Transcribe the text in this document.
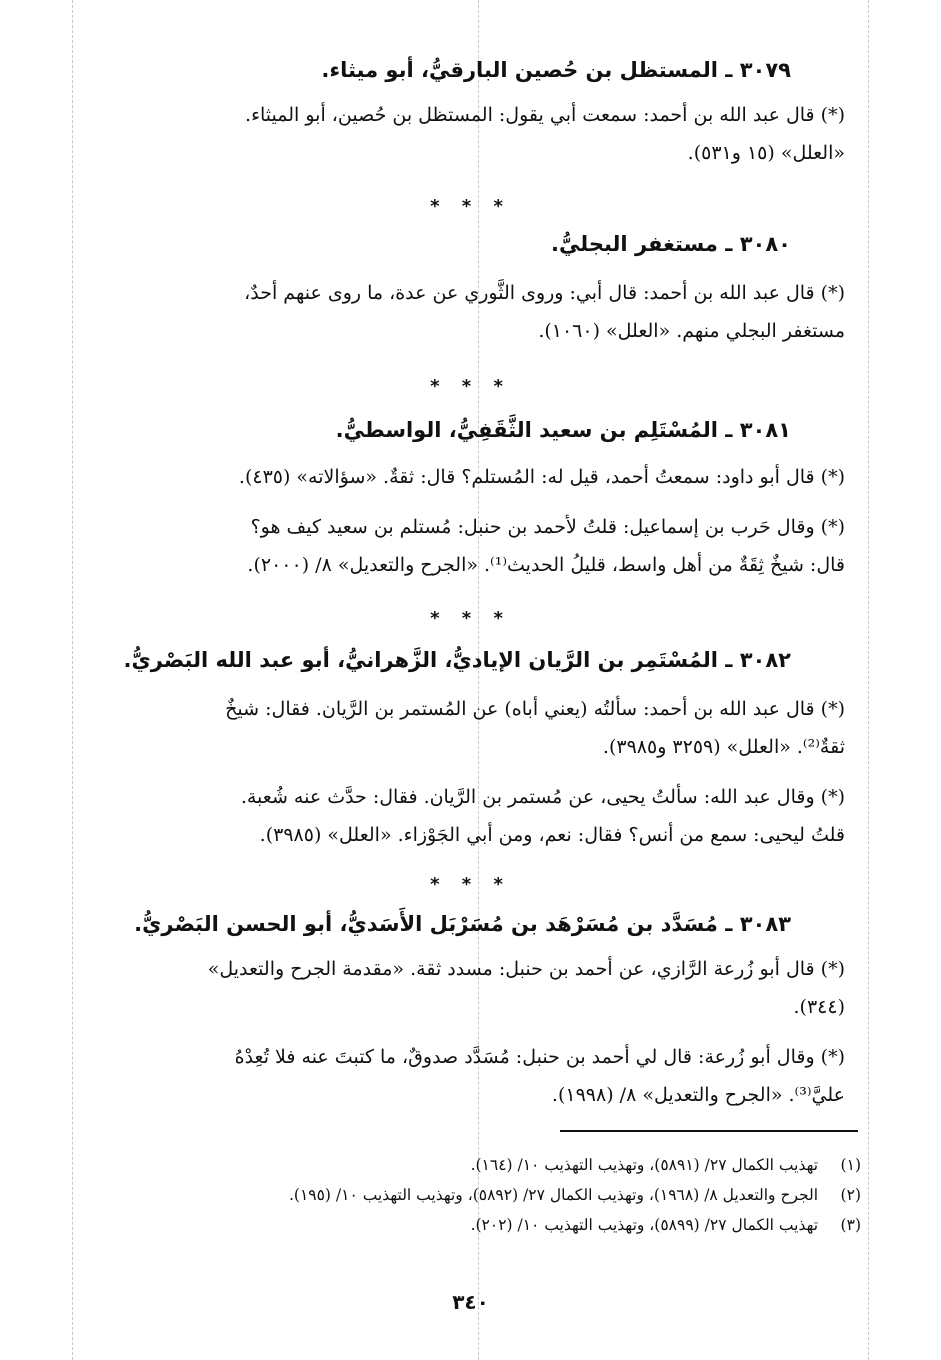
٣٠٧٩ ـ المستظل بن حُصين البارقيُّ، أبو ميثاء.
(*) قال عبد الله بن أحمد: سمعت أبي يقول: المستظل بن حُصين، أبو الميثاء.
«العلل» (١٥ و٥٣١).
* * *
٣٠٨٠ ـ مستغفر البجليُّ.
(*) قال عبد الله بن أحمد: قال أبي: وروى الثَّوري عن عدة، ما روى عنهم أحدٌ،
مستغفر البجلي منهم. «العلل» (١٠٦٠).
* * *
٣٠٨١ ـ المُسْتَلِم بن سعيد الثَّقَفِيُّ، الواسطيُّ.
(*) قال أبو داود: سمعتُ أحمد، قيل له: المُستلم؟ قال: ثقةٌ. «سؤالاته» (٤٣٥).
(*) وقال حَرب بن إسماعيل: قلتُ لأحمد بن حنبل: مُستلم بن سعيد كيف هو؟
قال: شيخٌ ثِقَةٌ من أهل واسط، قليلُ الحديث⁽¹⁾. «الجرح والتعديل» ٨/ (٢٠٠٠).
* * *
٣٠٨٢ ـ المُسْتَمِر بن الرَّيان الإياديُّ، الزَّهرانيُّ، أبو عبد الله البَصْريُّ.
(*) قال عبد الله بن أحمد: سألتُه (يعني أباه) عن المُستمر بن الرَّيان. فقال: شيخٌ
ثقةٌ⁽²⁾. «العلل» (٣٢٥٩ و٣٩٨٥).
(*) وقال عبد الله: سألتُ يحيى، عن مُستمر بن الرَّيان. فقال: حدَّث عنه شُعبة.
قلتُ ليحيى: سمع من أنس؟ فقال: نعم، ومن أبي الجَوْزاء. «العلل» (٣٩٨٥).
* * *
٣٠٨٣ ـ مُسَدَّد بن مُسَرْهَد بن مُسَرْبَل الأَسَديُّ، أبو الحسن البَصْريُّ.
(*) قال أبو زُرعة الرَّازي، عن أحمد بن حنبل: مسدد ثقة. «مقدمة الجرح والتعديل»
(٣٤٤).
(*) وقال أبو زُرعة: قال لي أحمد بن حنبل: مُسَدَّد صدوقٌ، ما كتبتَ عنه فلا تُعِدْهُ
عليَّ⁽³⁾. «الجرح والتعديل» ٨/ (١٩٩٨).
(١) تهذيب الكمال ٢٧/ (٥٨٩١)، وتهذيب التهذيب ١٠/ (١٦٤).
(٢) الجرح والتعديل ٨/ (١٩٦٨)، وتهذيب الكمال ٢٧/ (٥٨٩٢)، وتهذيب التهذيب ١٠/ (١٩٥).
(٣) تهذيب الكمال ٢٧/ (٥٨٩٩)، وتهذيب التهذيب ١٠/ (٢٠٢).
٣٤٠
